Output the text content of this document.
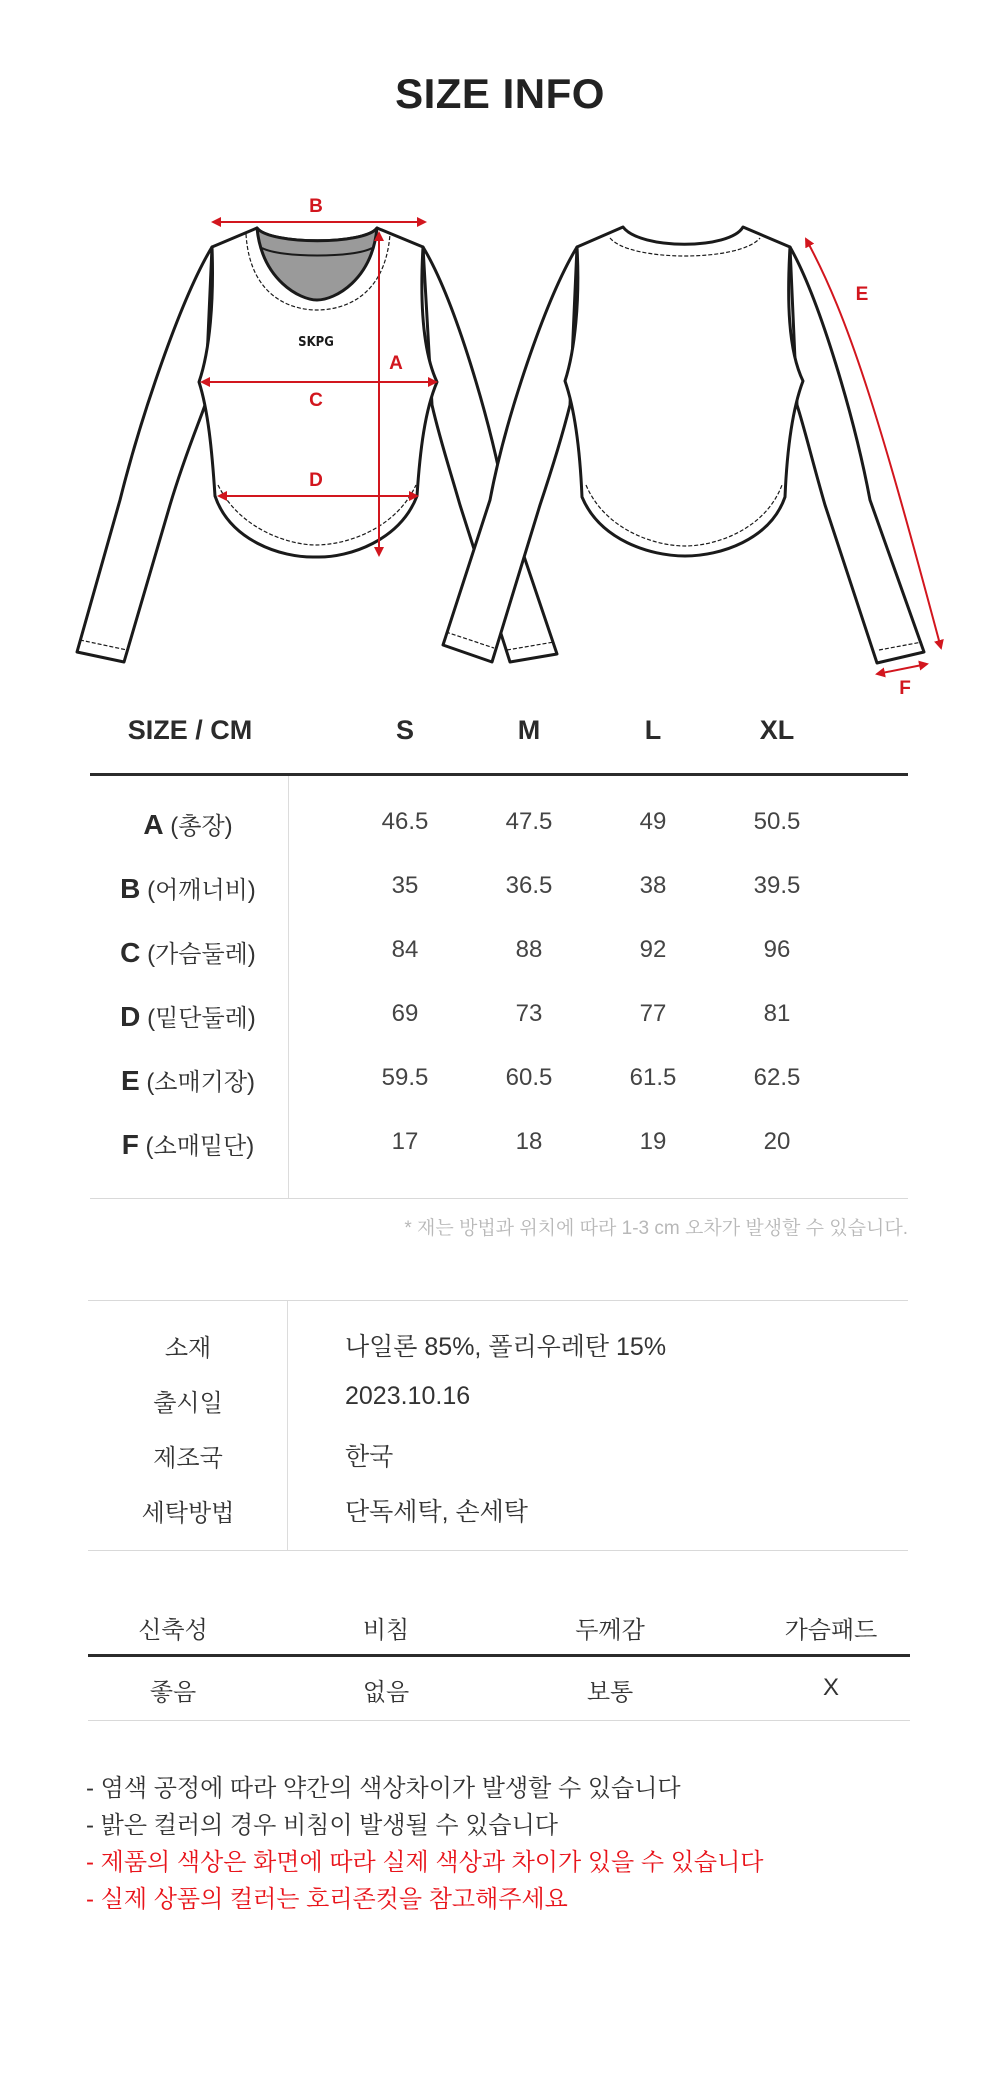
SIZE INFO
SKPG
B
A
C
D
E
F
SIZE / CM	S	M	L	XL
A (총장)	46.5	47.5	49	50.5
B (어깨너비)	35	36.5	38	39.5
C (가슴둘레)	84	88	92	96
D (밑단둘레)	69	73	77	81
E (소매기장)	59.5	60.5	61.5	62.5
F (소매밑단)	17	18	19	20
* 재는 방법과 위치에 따라 1-3 cm 오차가 발생할 수 있습니다.
소재	나일론 85%, 폴리우레탄 15%
출시일	2023.10.16
제조국	한국
세탁방법	단독세탁, 손세탁
신축성	비침	두께감	가슴패드
좋음	없음	보통	X
- 염색 공정에 따라 약간의 색상차이가 발생할 수 있습니다
- 밝은 컬러의 경우 비침이 발생될 수 있습니다
- 제품의 색상은 화면에 따라 실제 색상과 차이가 있을 수 있습니다
- 실제 상품의 컬러는 호리존컷을 참고해주세요
